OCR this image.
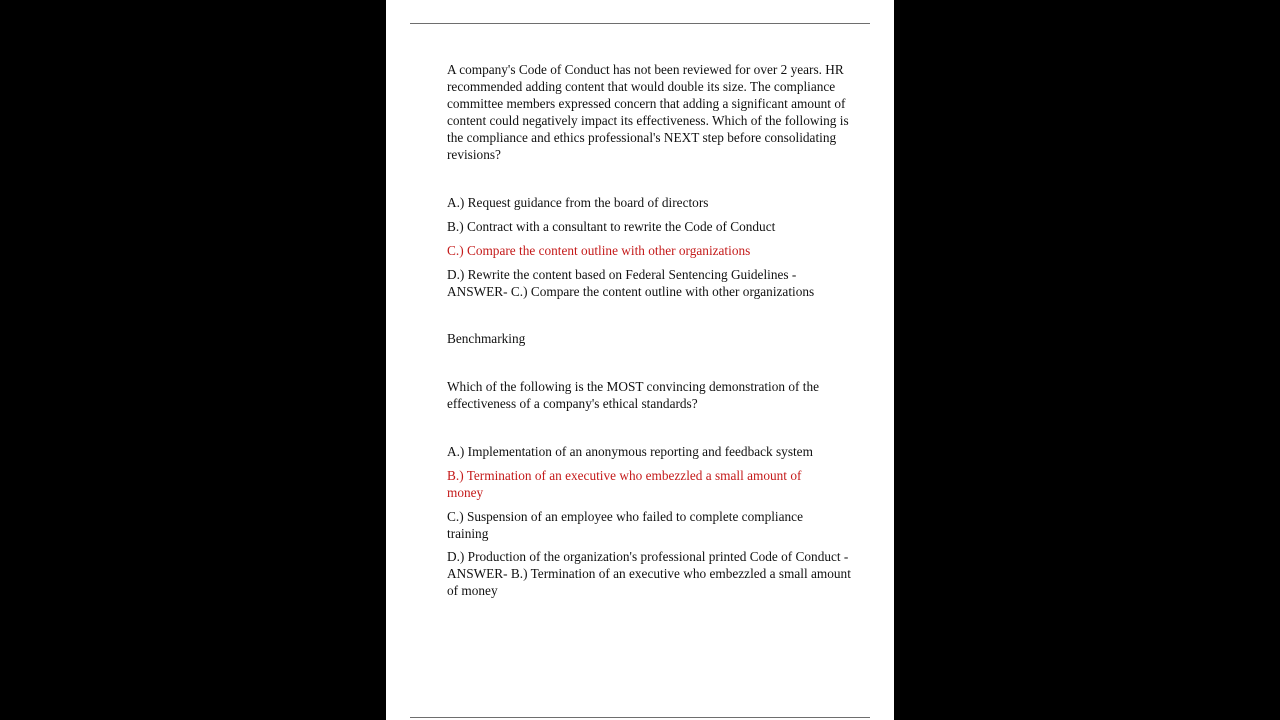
A company's Code of Conduct has not been reviewed for over 2 years. HR recommended adding content that would double its size. The compliance committee members expressed concern that adding a significant amount of content could negatively impact its effectiveness. Which of the following is the compliance and ethics professional's NEXT step before consolidating revisions?

A.) Request guidance from the board of directors

B.) Contract with a consultant to rewrite the Code of Conduct

C.) Compare the content outline with other organizations

D.) Rewrite the content based on Federal Sentencing Guidelines - ANSWER- C.) Compare the content outline with other organizations

Benchmarking

Which of the following is the MOST convincing demonstration of the effectiveness of a company's ethical standards?

A.) Implementation of an anonymous reporting and feedback system

B.) Termination of an executive who embezzled a small amount of money

C.) Suspension of an employee who failed to complete compliance training

D.) Production of the organization's professional printed Code of Conduct - ANSWER- B.) Termination of an executive who embezzled a small amount of money
